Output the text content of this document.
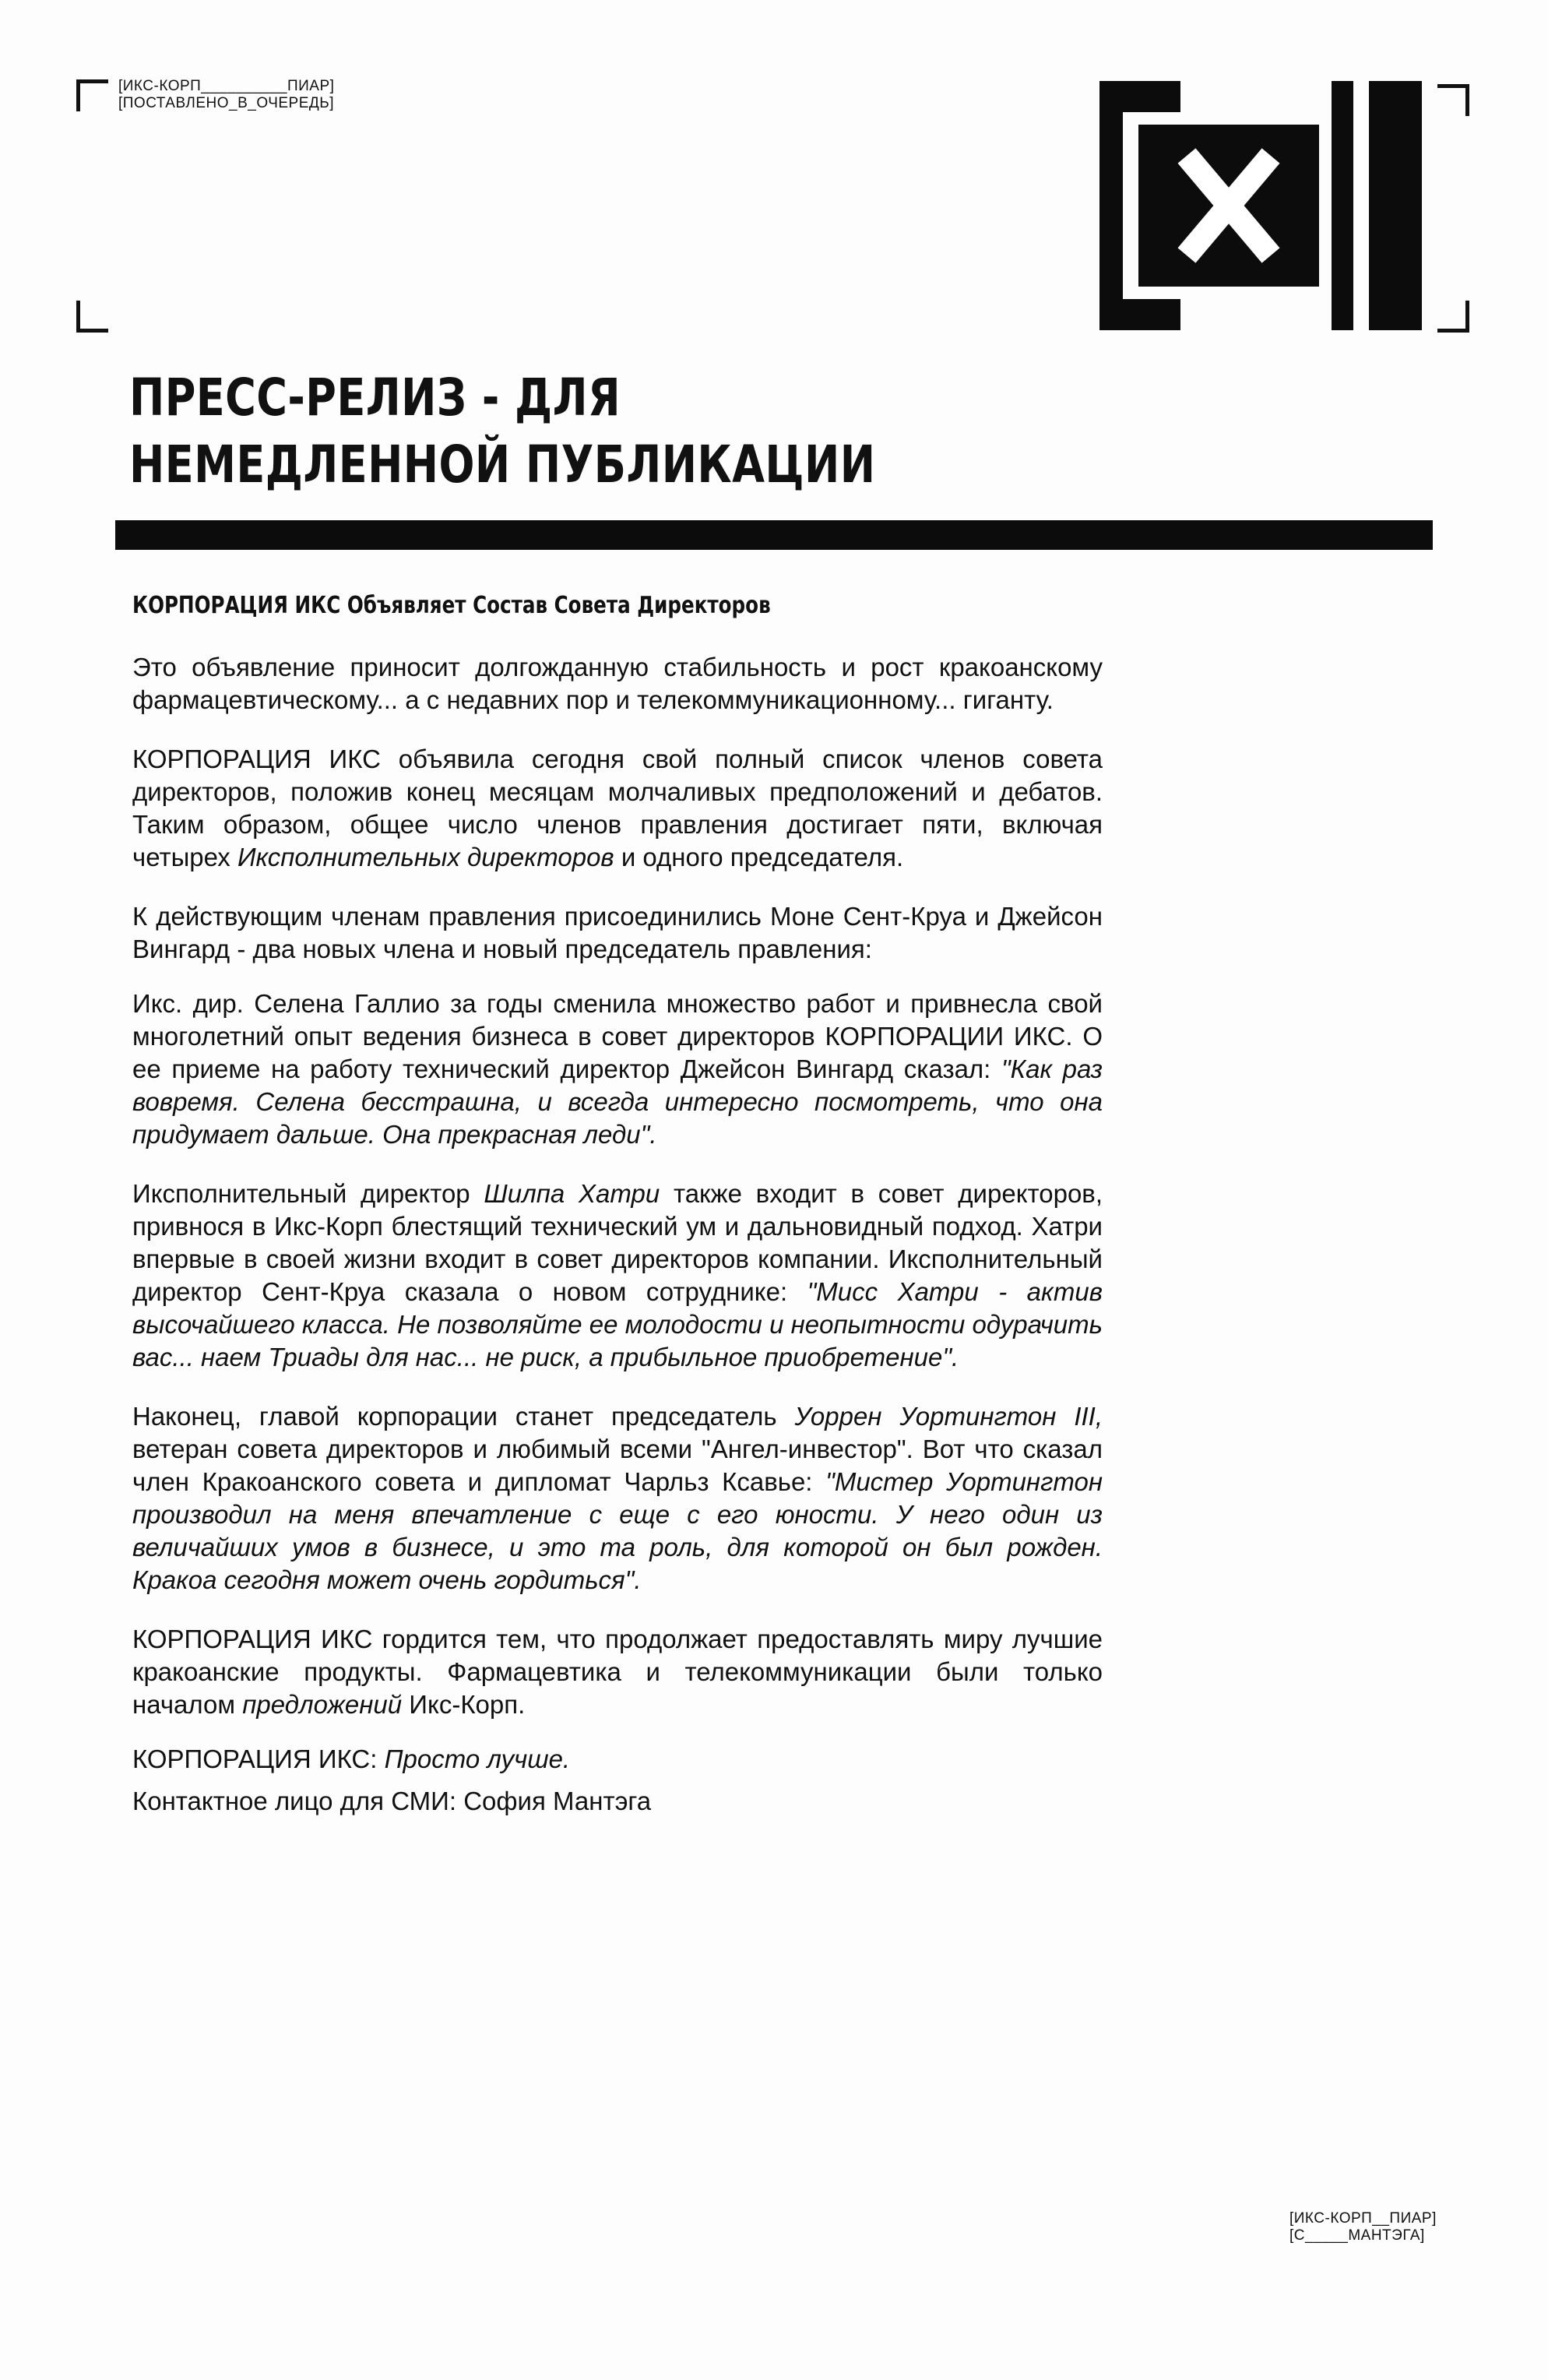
[ИКС-КОРП__________ПИАР]
[ПОСТАВЛЕНО_В_ОЧЕРЕДЬ]
ПРЕСС-РЕЛИЗ - ДЛЯ
НЕМЕДЛЕННОЙ ПУБЛИКАЦИИ
КОРПОРАЦИЯ ИКС Объявляет Состав Совета Директоров

Это объявление приносит долгожданную стабильность и рост кракоанскому фармацевтическому... а с недавних пор и телекоммуникационному... гиганту.

КОРПОРАЦИЯ ИКС объявила сегодня свой полный список членов совета директоров, положив конец месяцам молчаливых предположений и дебатов. Таким образом, общее число членов правления достигает пяти, включая четырех Иксполнительных директоров и одного председателя.

К действующим членам правления присоединились Моне Сент-Круа и Джейсон Вингард - два новых члена и новый председатель правления:

Икс. дир. Селена Галлио за годы сменила множество работ и привнесла свой многолетний опыт ведения бизнеса в совет директоров КОРПОРАЦИИ ИКС. О ее приеме на работу технический директор Джейсон Вингард сказал: "Как раз вовремя. Селена бесстрашна, и всегда интересно посмотреть, что она придумает дальше. Она прекрасная леди".

Иксполнительный директор Шилпа Хатри также входит в совет директоров, привнося в Икс-Корп блестящий технический ум и дальновидный подход. Хатри впервые в своей жизни входит в совет директоров компании. Иксполнительный директор Сент-Круа сказала о новом сотруднике: "Мисс Хатри - актив высочайшего класса. Не позволяйте ее молодости и неопытности одурачить вас... наем Триады для нас... не риск, а прибыльное приобретение".

Наконец, главой корпорации станет председатель Уоррен Уортингтон III, ветеран совета директоров и любимый всеми "Ангел-инвестор". Вот что сказал член Кракоанского совета и дипломат Чарльз Ксавье: "Мистер Уортингтон производил на меня впечатление с еще с его юности. У него один из величайших умов в бизнесе, и это та роль, для которой он был рожден. Кракоа сегодня может очень гордиться".

КОРПОРАЦИЯ ИКС гордится тем, что продолжает предоставлять миру лучшие кракоанские продукты. Фармацевтика и телекоммуникации были только началом предложений Икс-Корп.

КОРПОРАЦИЯ ИКС: Просто лучше.

Контактное лицо для СМИ: София Мантэга

[ИКС-КОРП__ПИАР]
[С_____МАНТЭГА]
